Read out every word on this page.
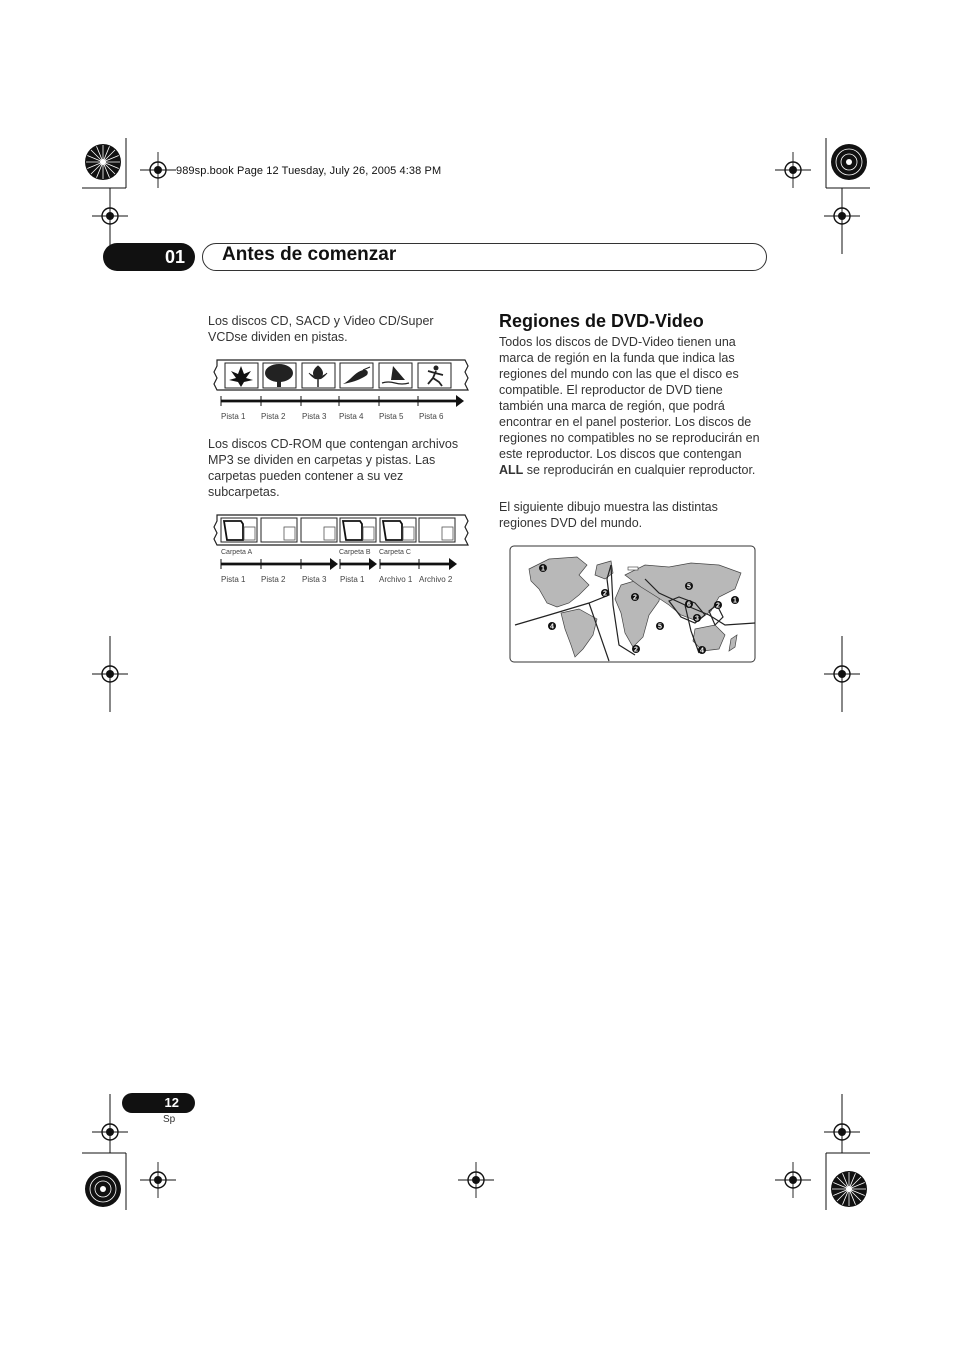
989sp.book Page 12 Tuesday, July 26, 2005 4:38 PM
01	Antes de comenzar
Los discos CD, SACD y Video CD/Super VCDse dividen en pistas.
Pista 1 Pista 2 Pista 3 Pista 4 Pista 5 Pista 6
Los discos CD-ROM que contengan archivos MP3 se dividen en carpetas y pistas. Las carpetas pueden contener a su vez subcarpetas.
Carpeta A	Carpeta B Carpeta C
Pista 1 Pista 2 Pista 3 Pista 1 Archivo 1 Archivo 2
Regiones de DVD-Video
Todos los discos de DVD-Video tienen una marca de región en la funda que indica las regiones del mundo con las que el disco es compatible. El reproductor de DVD tiene también una marca de región, que podrá encontrar en el panel posterior. Los discos de regiones no compatibles no se reproducirán en este reproductor. Los discos que contengan ALL se reproducirán en cualquier reproductor.
El siguiente dibujo muestra las distintas regiones DVD del mundo.
1
2
4
5
2
6	2
1
3
5
2	4
12
Sp
